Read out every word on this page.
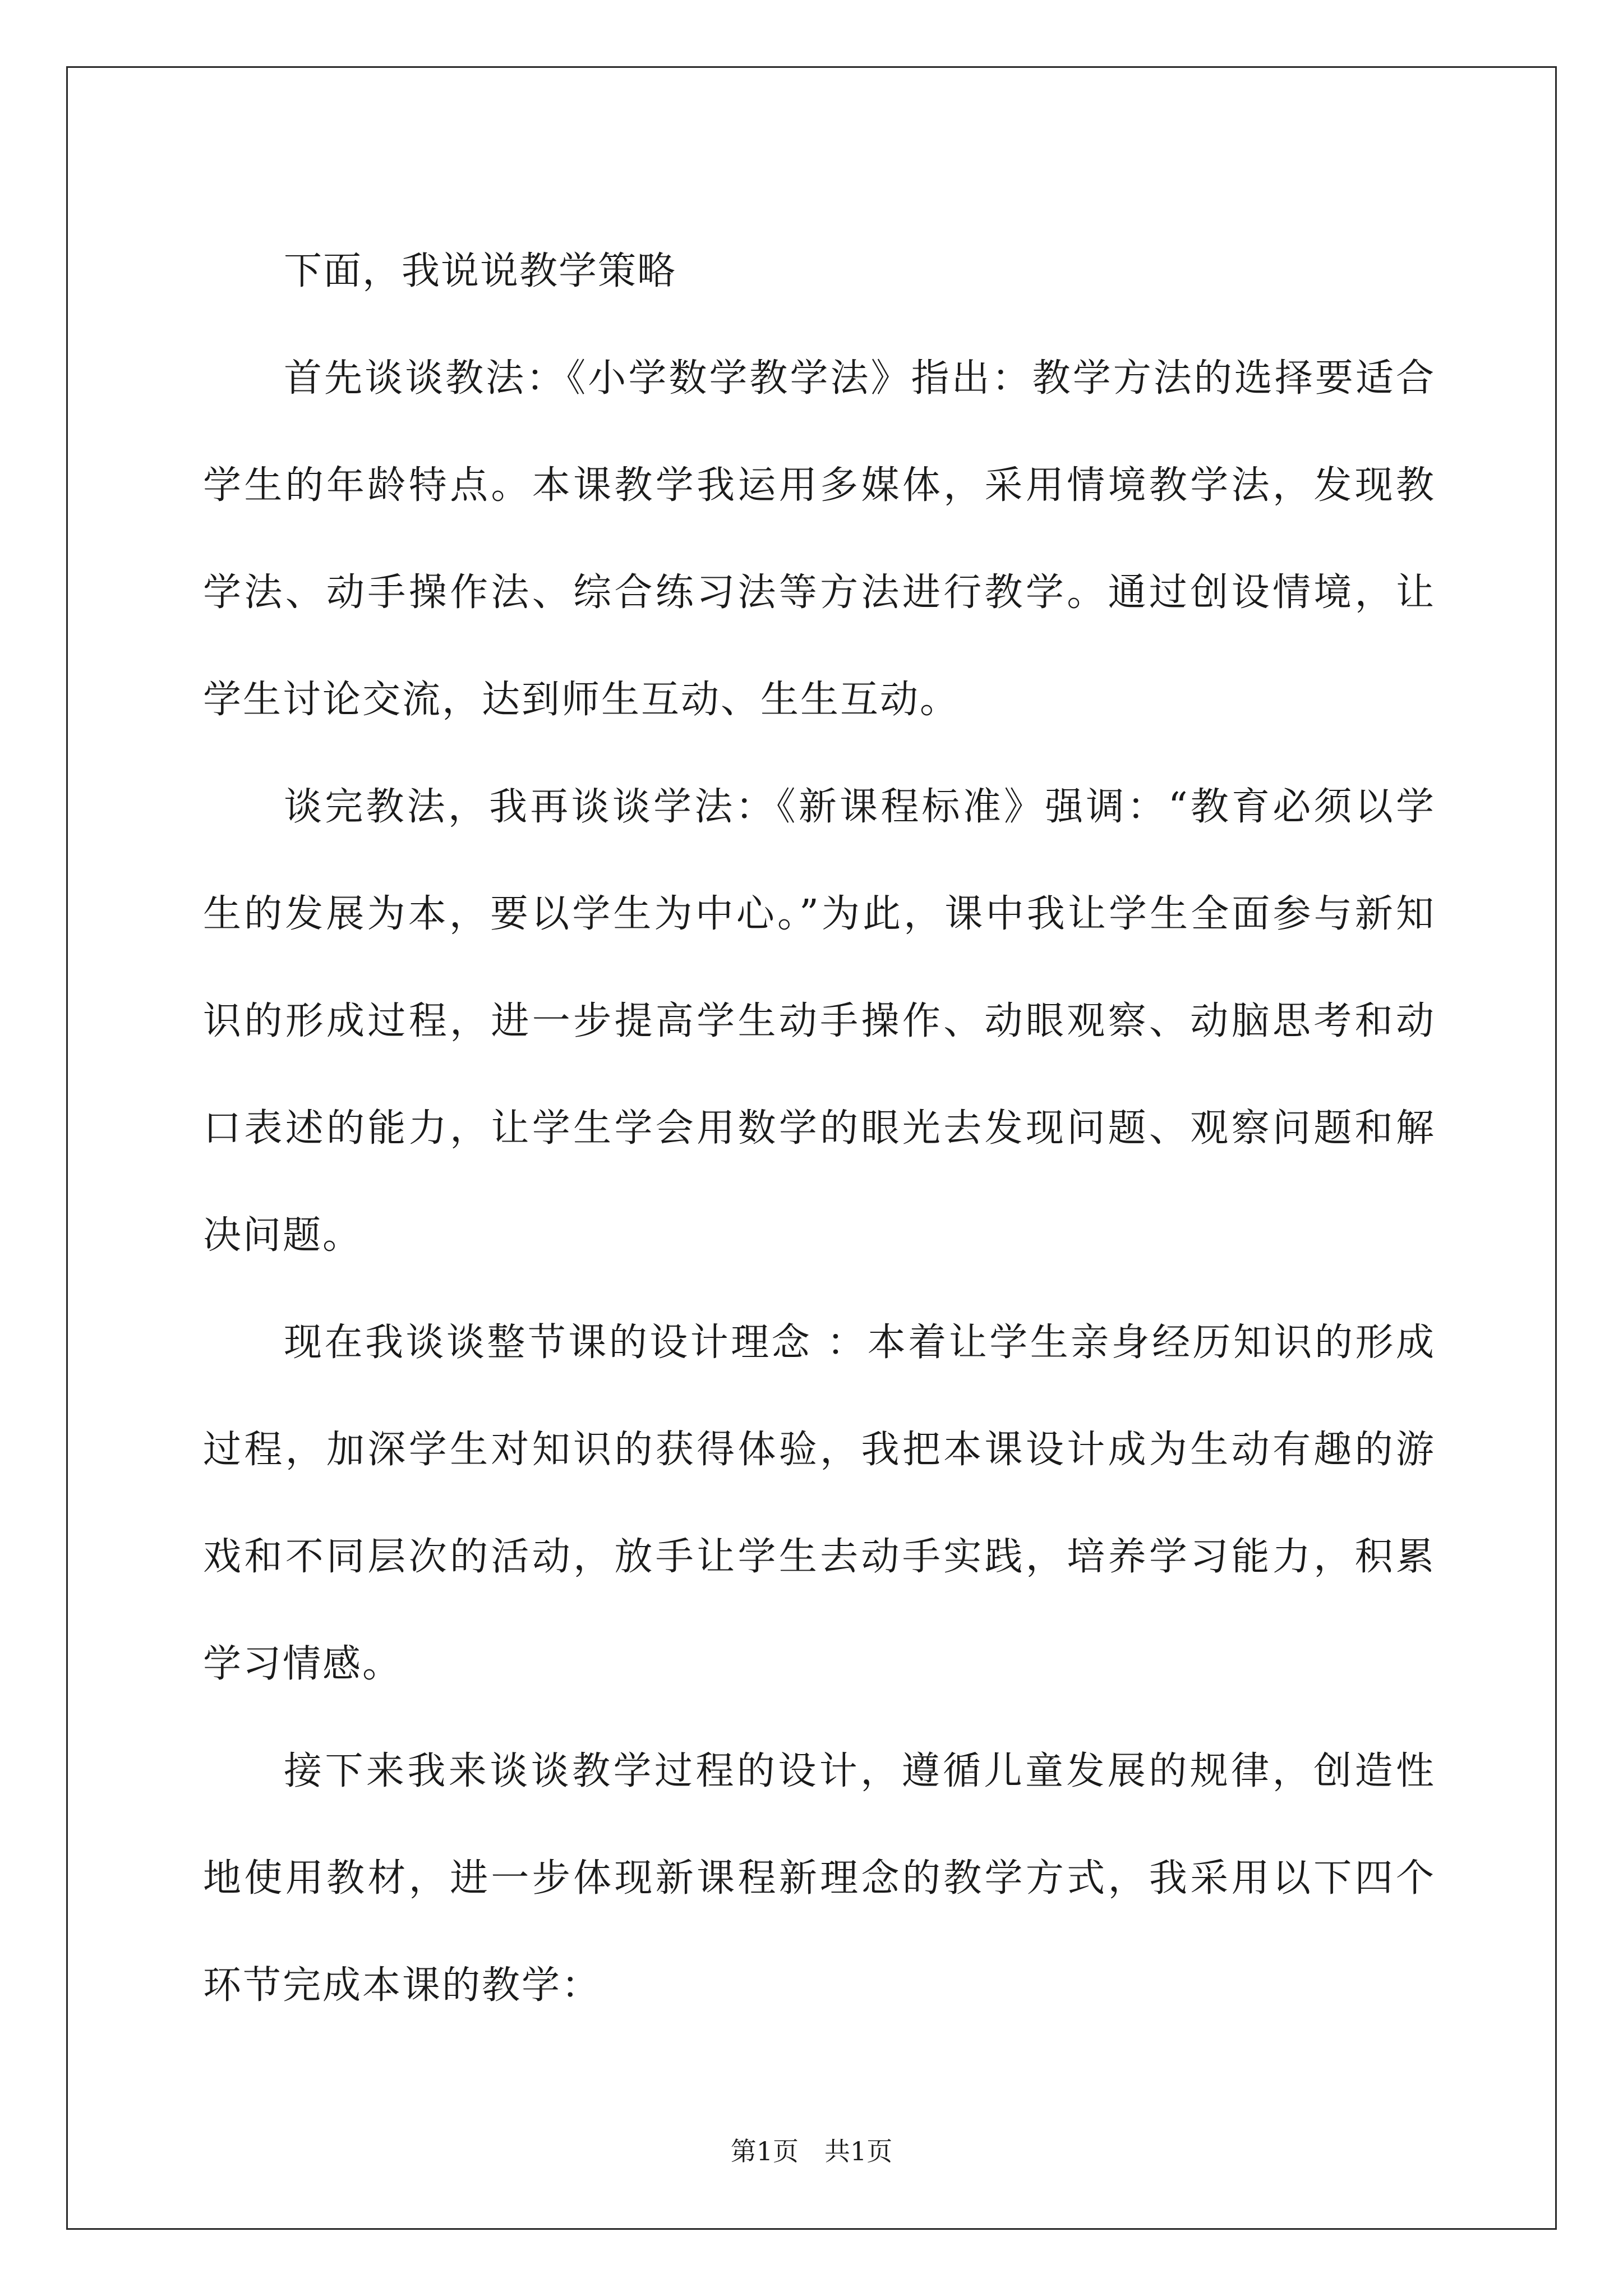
下面，我说说教学策略

首先谈谈教法：《小学数学教学法》指出：教学方法的选择要适合学生的年龄特点。本课教学我运用多媒体，采用情境教学法，发现教学法、动手操作法、综合练习法等方法进行教学。通过创设情境，让学生讨论交流，达到师生互动、生生互动。

谈完教法，我再谈谈学法：《新课程标准》强调：“教育必须以学生的发展为本，要以学生为中心。”为此，课中我让学生全面参与新知识的形成过程，进一步提高学生动手操作、动眼观察、动脑思考和动口表述的能力，让学生学会用数学的眼光去发现问题、观察问题和解决问题。

现在我谈谈整节课的设计理念 ：本着让学生亲身经历知识的形成过程，加深学生对知识的获得体验，我把本课设计成为生动有趣的游戏和不同层次的活动，放手让学生去动手实践，培养学习能力，积累学习情感。

接下来我来谈谈教学过程的设计，遵循儿童发展的规律，创造性地使用教材，进一步体现新课程新理念的教学方式，我采用以下四个环节完成本课的教学：

第1页 共1页
